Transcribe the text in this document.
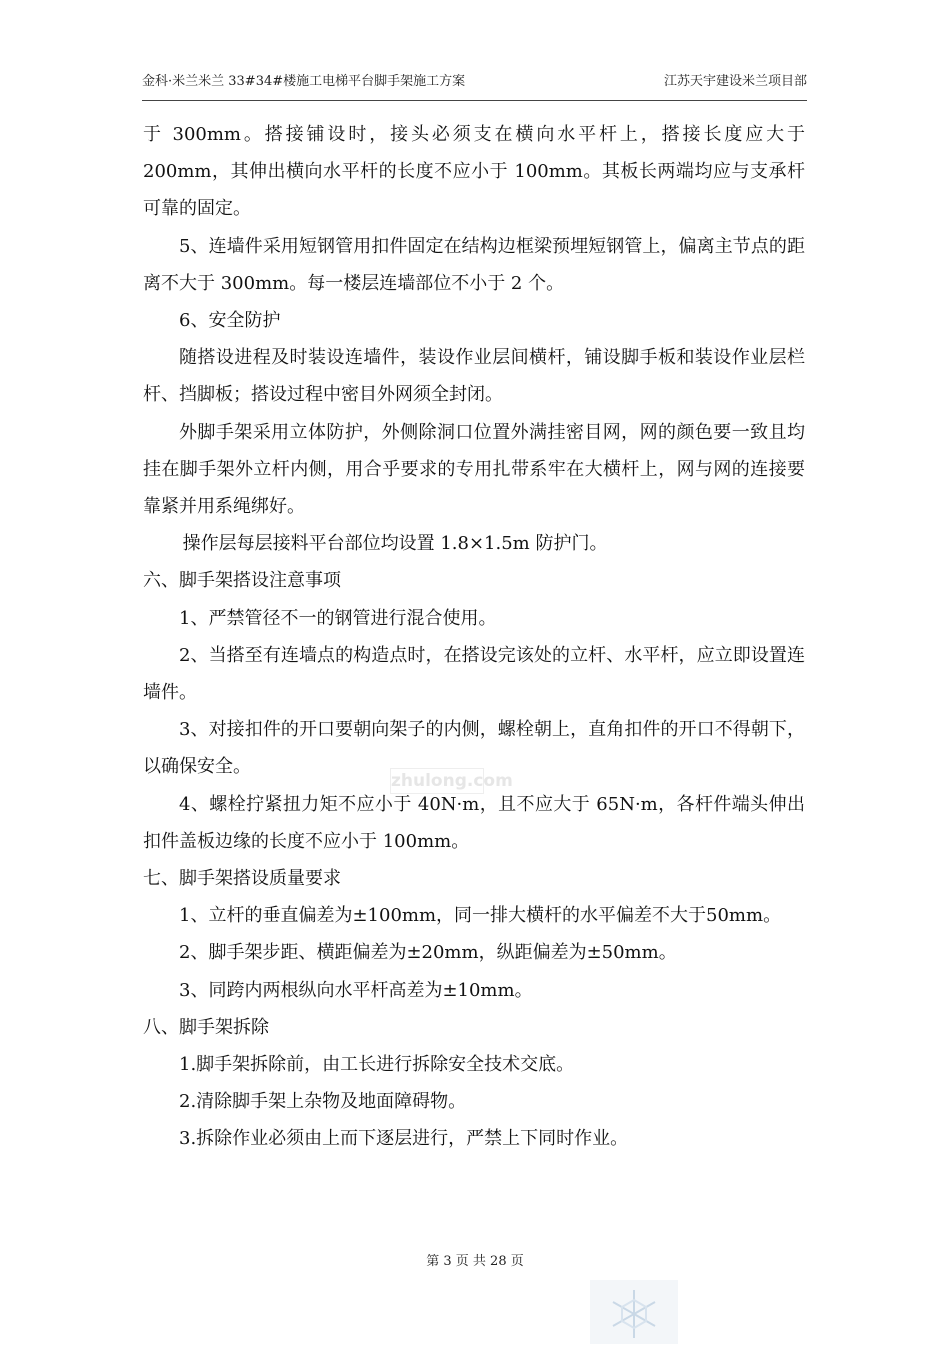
金科·米兰米兰 33#34#楼施工电梯平台脚手架施工方案	江苏天宇建设米兰项目部

于 300mm。搭接铺设时，接头必须支在横向水平杆上，搭接长度应大于200mm，其伸出横向水平杆的长度不应小于 100mm。其板长两端均应与支承杆可靠的固定。

5、连墙件采用短钢管用扣件固定在结构边框梁预埋短钢管上，偏离主节点的距离不大于 300mm。每一楼层连墙部位不小于 2 个。

6、安全防护

随搭设进程及时装设连墙件，装设作业层间横杆，铺设脚手板和装设作业层栏杆、挡脚板；搭设过程中密目外网须全封闭。

外脚手架采用立体防护，外侧除洞口位置外满挂密目网，网的颜色要一致且均挂在脚手架外立杆内侧，用合乎要求的专用扎带系牢在大横杆上，网与网的连接要靠紧并用系绳绑好。

操作层每层接料平台部位均设置 1.8×1.5m 防护门。

六、脚手架搭设注意事项

1、严禁管径不一的钢管进行混合使用。

2、当搭至有连墙点的构造点时，在搭设完该处的立杆、水平杆，应立即设置连墙件。

3、对接扣件的开口要朝向架子的内侧，螺栓朝上，直角扣件的开口不得朝下，以确保安全。

4、螺栓拧紧扭力矩不应小于 40N·m，且不应大于 65N·m，各杆件端头伸出扣件盖板边缘的长度不应小于 100mm。

七、脚手架搭设质量要求

1、立杆的垂直偏差为±100mm，同一排大横杆的水平偏差不大于50mm。

2、脚手架步距、横距偏差为±20mm，纵距偏差为±50mm。

3、同跨内两根纵向水平杆高差为±10mm。

八、脚手架拆除

1.脚手架拆除前，由工长进行拆除安全技术交底。

2.清除脚手架上杂物及地面障碍物。

3.拆除作业必须由上而下逐层进行，严禁上下同时作业。

zhulong.com
第 3 页 共 28 页
